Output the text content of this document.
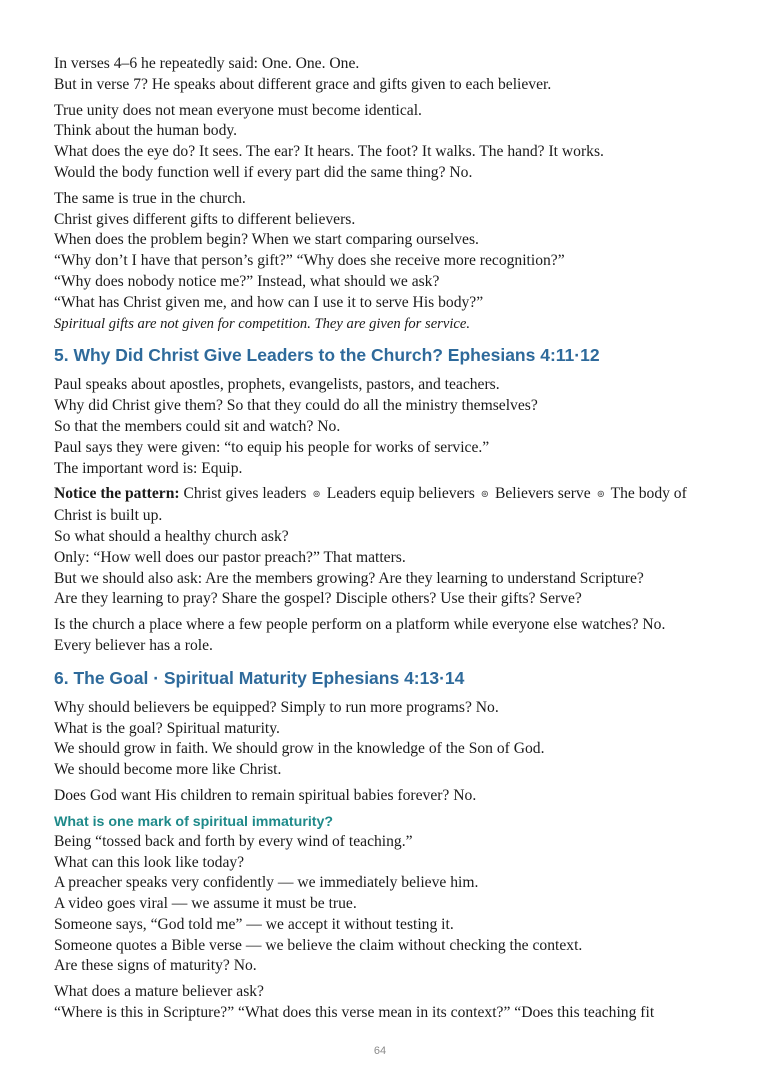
In verses 4–6 he repeatedly said: One. One. One.
But in verse 7? He speaks about different grace and gifts given to each believer.
True unity does not mean everyone must become identical.
Think about the human body.
What does the eye do? It sees. The ear? It hears. The foot? It walks. The hand? It works.
Would the body function well if every part did the same thing? No.
The same is true in the church.
Christ gives different gifts to different believers.
When does the problem begin? When we start comparing ourselves.
“Why don’t I have that person’s gift?” “Why does she receive more recognition?”
“Why does nobody notice me?” Instead, what should we ask?
“What has Christ given me, and how can I use it to serve His body?”
Spiritual gifts are not given for competition. They are given for service.
5. Why Did Christ Give Leaders to the Church? Ephesians 4:11·12
Paul speaks about apostles, prophets, evangelists, pastors, and teachers.
Why did Christ give them? So that they could do all the ministry themselves?
So that the members could sit and watch? No.
Paul says they were given: “to equip his people for works of service.”
The important word is: Equip.
Notice the pattern: Christ gives leaders ⊚ Leaders equip believers ⊚ Believers serve ⊚ The body of Christ is built up.
So what should a healthy church ask?
Only: “How well does our pastor preach?” That matters.
But we should also ask: Are the members growing? Are they learning to understand Scripture?
Are they learning to pray? Share the gospel? Disciple others? Use their gifts? Serve?
Is the church a place where a few people perform on a platform while everyone else watches? No.
Every believer has a role.
6. The Goal · Spiritual Maturity Ephesians 4:13·14
Why should believers be equipped? Simply to run more programs? No.
What is the goal? Spiritual maturity.
We should grow in faith. We should grow in the knowledge of the Son of God.
We should become more like Christ.
Does God want His children to remain spiritual babies forever? No.
What is one mark of spiritual immaturity?
Being “tossed back and forth by every wind of teaching.”
What can this look like today?
A preacher speaks very confidently — we immediately believe him.
A video goes viral — we assume it must be true.
Someone says, “God told me” — we accept it without testing it.
Someone quotes a Bible verse — we believe the claim without checking the context.
Are these signs of maturity? No.
What does a mature believer ask?
“Where is this in Scripture?” “What does this verse mean in its context?” “Does this teaching fit
64
